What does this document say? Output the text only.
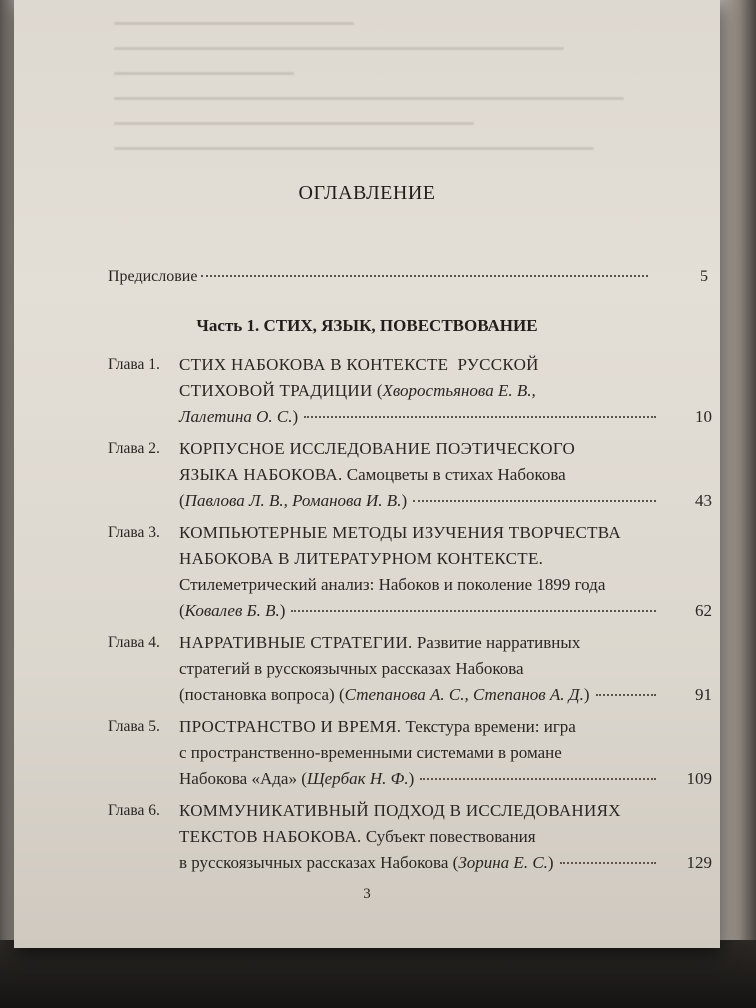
ОГЛАВЛЕНИЕ
Предисловие	5
Часть 1. СТИХ, ЯЗЫК, ПОВЕСТВОВАНИЕ
Глава 1.	СТИХ НАБОКОВА В КОНТЕКСТЕ  РУССКОЙ
СТИХОВОЙ ТРАДИЦИИ ( Хворостьянова Е. В.,
Лалетина О. С. )	10
Глава 2.	КОРПУСНОЕ ИССЛЕДОВАНИЕ ПОЭТИЧЕСКОГО
ЯЗЫКА НАБОКОВА. Самоцветы в стихах Набокова
( Павлова Л. В., Романова И. В. )	43
Глава 3.	КОМПЬЮТЕРНЫЕ МЕТОДЫ ИЗУЧЕНИЯ ТВОРЧЕСТВА
НАБОКОВА В ЛИТЕРАТУРНОМ КОНТЕКСТЕ.
Стилеметрический анализ: Набоков и поколение 1899 года
( Ковалев Б. В. )	62
Глава 4.	НАРРАТИВНЫЕ СТРАТЕГИИ. Развитие нарративных
стратегий в русскоязычных рассказах Набокова
(постановка вопроса) ( Степанова А. С., Степанов А. Д. )	91
Глава 5.	ПРОСТРАНСТВО И ВРЕМЯ. Текстура времени: игра
с пространственно-временными системами в романе
Набокова «Ада» ( Щербак Н. Ф. )	109
Глава 6.	КОММУНИКАТИВНЫЙ ПОДХОД В ИССЛЕДОВАНИЯХ
ТЕКСТОВ НАБОКОВА. Субъект повествования
в русскоязычных рассказах Набокова ( Зорина Е. С. )	129
3
